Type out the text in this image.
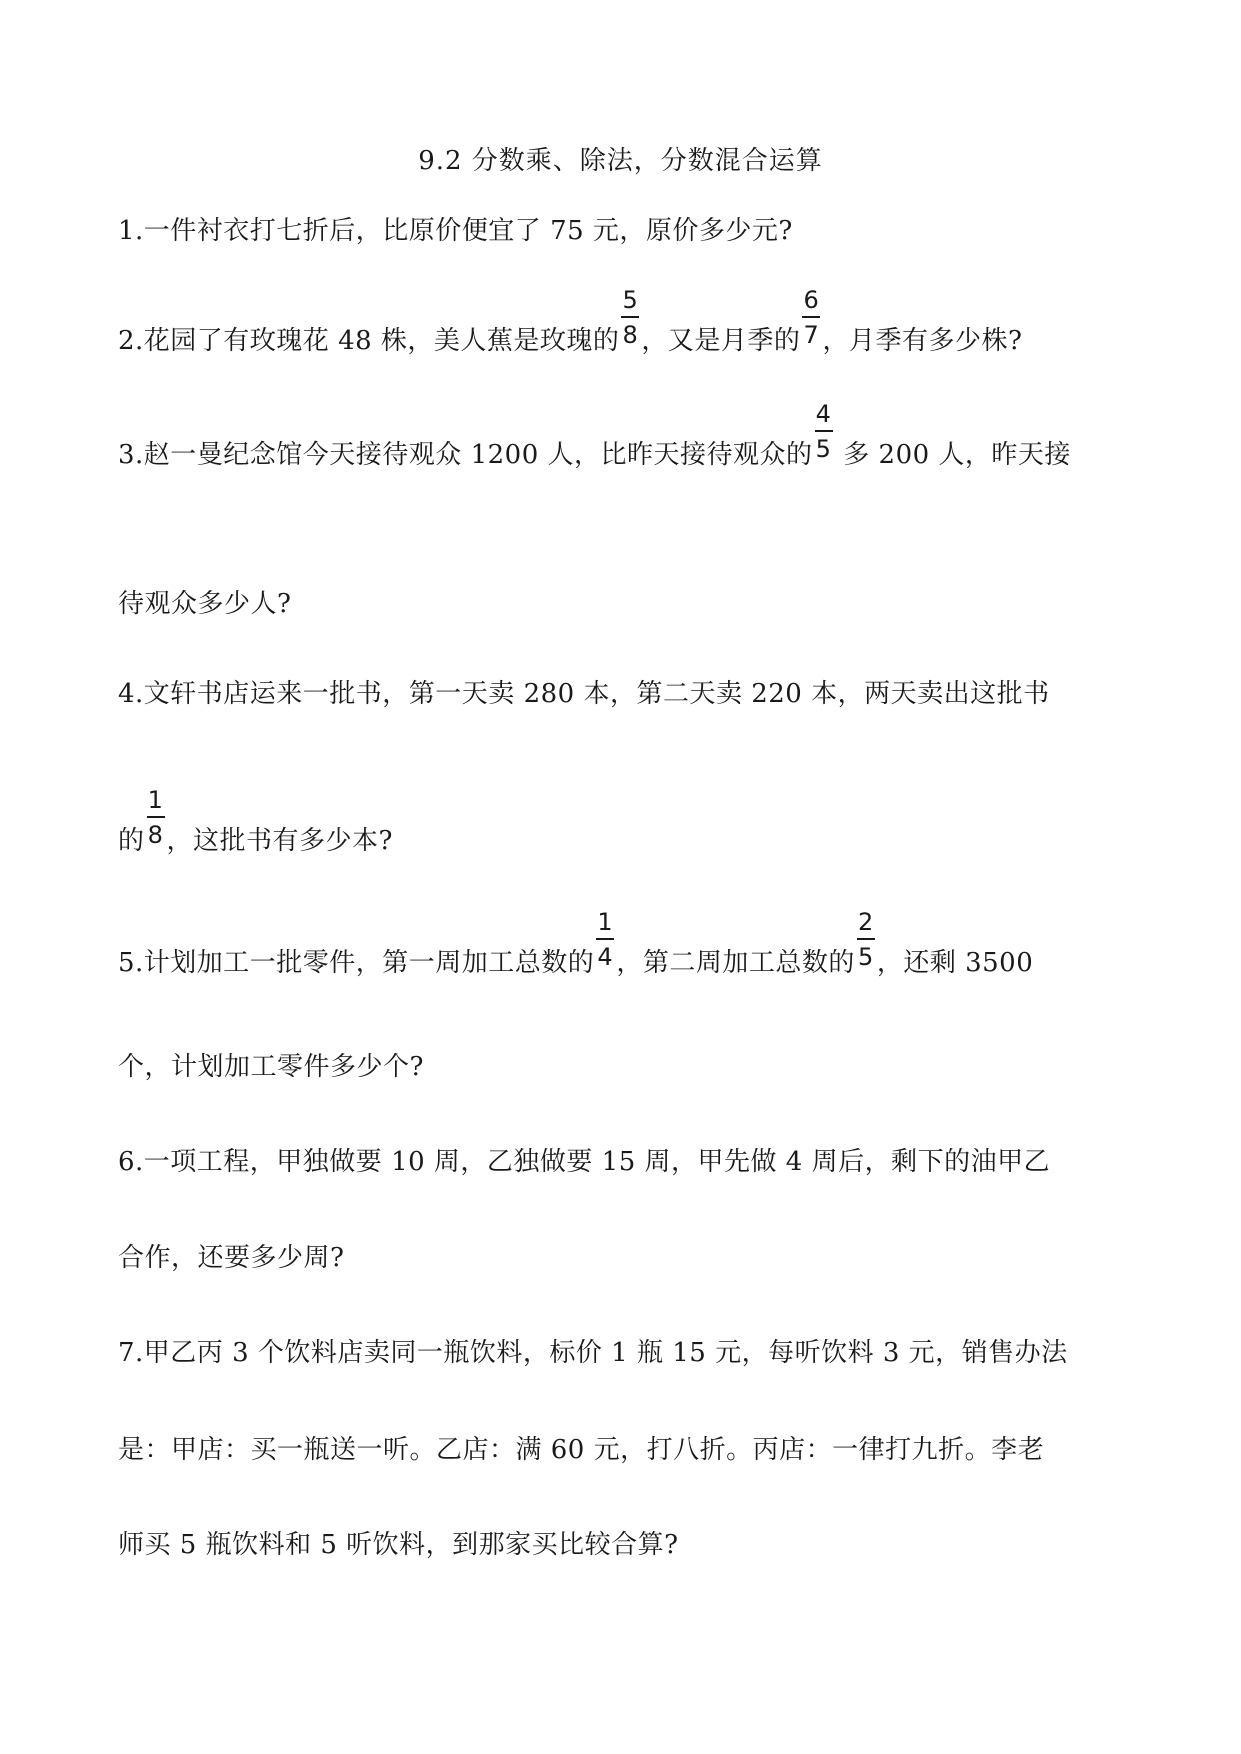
9.2 分数乘、除法，分数混合运算
1.一件衬衣打七折后，比原价便宜了 75 元，原价多少元?
2.花园了有玫瑰花 48 株，美人蕉是玫瑰的
5
8 ，又是月季的
6
7 ，月季有多少株?
3.赵一曼纪念馆今天接待观众 1200 人，比昨天接待观众的
4
5 多 200 人，昨天接
待观众多少人?
4.文轩书店运来一批书，第一天卖 280 本，第二天卖 220 本，两天卖出这批书
的
1
8 ，这批书有多少本?
5.计划加工一批零件，第一周加工总数的
1
4 ，第二周加工总数的
2
5 ，还剩 3500
个，计划加工零件多少个?
6.一项工程，甲独做要 10 周，乙独做要 15 周，甲先做 4 周后，剩下的油甲乙
合作，还要多少周?
7.甲乙丙 3 个饮料店卖同一瓶饮料，标价 1 瓶 15 元，每听饮料 3 元，销售办法
是：甲店：买一瓶送一听。乙店：满 60 元，打八折。丙店：一律打九折。李老
师买 5 瓶饮料和 5 听饮料，到那家买比较合算?
